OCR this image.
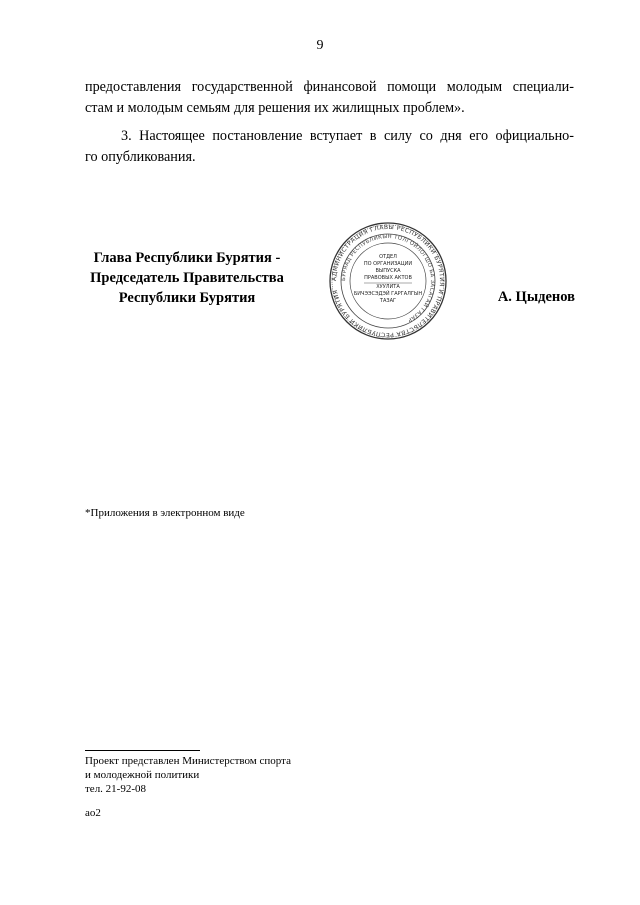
9
предоставления государственной финансовой помощи молодым специали-
стам и молодым семьям для решения их жилищных проблем».
3. Настоящее постановление вступает в силу со дня его официально-
го опубликования.
Глава Республики Бурятия -
Председатель Правительства
Республики Бурятия
АДМИНИСТРАЦИЯ ГЛАВЫ РЕСПУБЛИКИ БУРЯТИЯ И ПРАВИТЕЛЬСТВА РЕСПУБЛИКИ БУРЯТИЯ
БУРЯАД РЕСПУБЛИКЫН ТОЛГОЙЛОГШО БА ЗАСАГАЙ ГАЗАР
ОТДЕЛ
ПО ОРГАНИЗАЦИИ
ВЫПУСКА
ПРАВОВЫХ АКТОВ
ХУУЛИТА
БИЧЭЭСЭДЭЙ ГАРГАЛГЫН
ТАЗАГ	А. Цыденов
*Приложения в электронном виде
Проект представлен Министерством спорта
и молодежной политики
тел. 21-92-08
ао2
